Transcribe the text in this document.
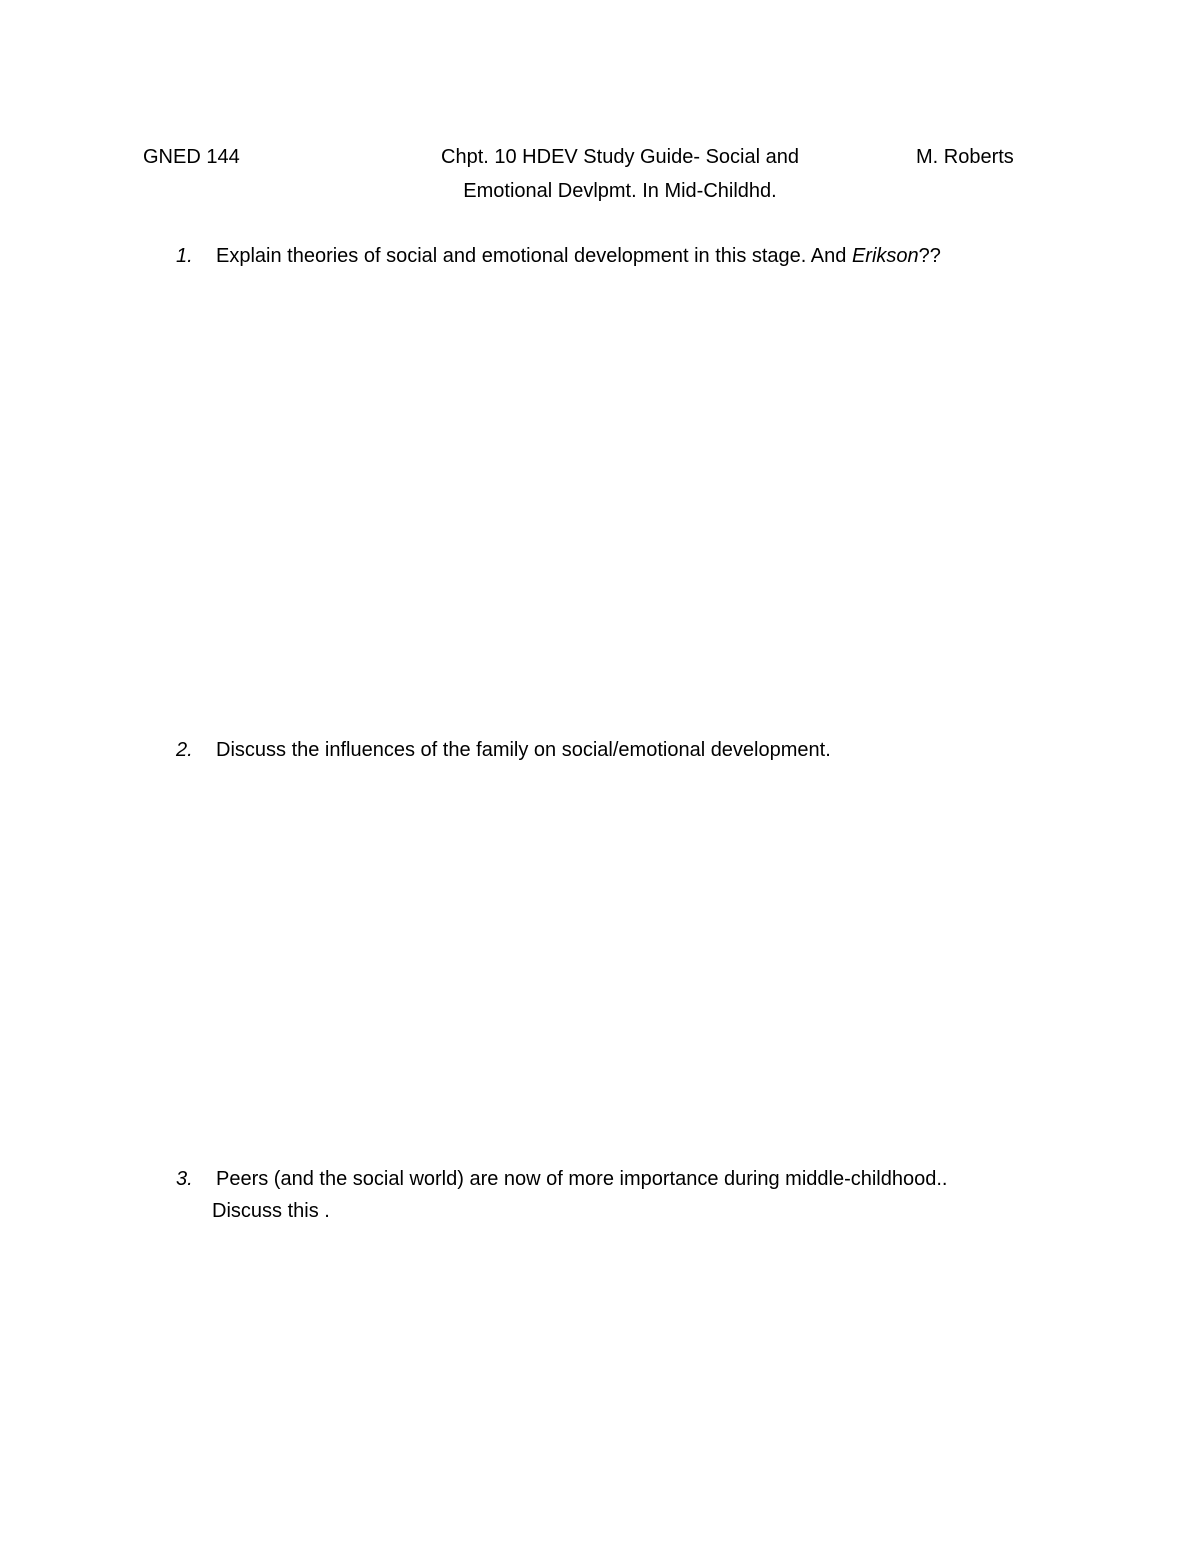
GNED 144	Chpt. 10 HDEV Study Guide- Social and
Emotional Devlpmt. In Mid-Childhd.
M. Roberts
1. Explain theories of social and emotional development in this stage. And Erikson??
2. Discuss the influences of the family on social/emotional development.
3. Peers (and the social world) are now of more importance during middle-childhood..
Discuss this .
